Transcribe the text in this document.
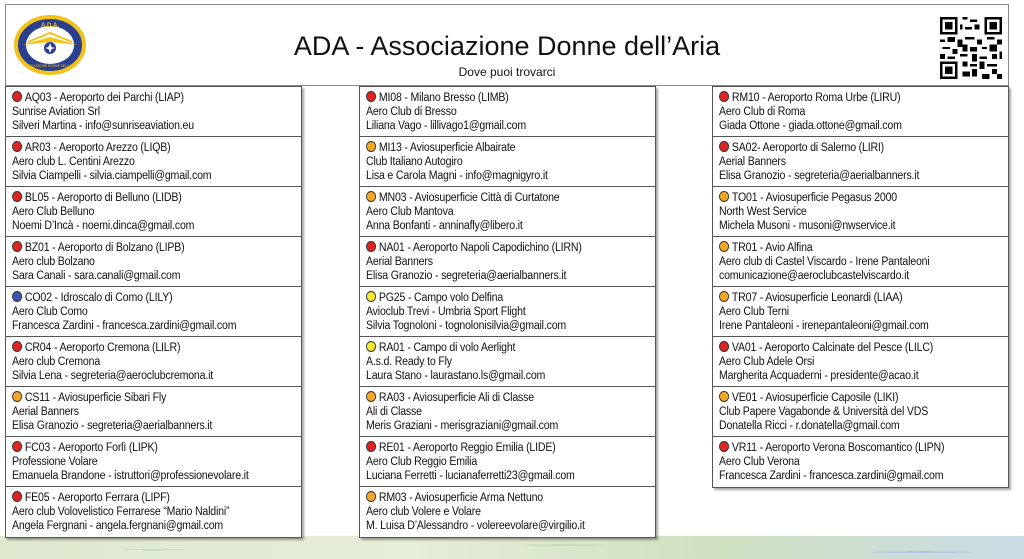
A.D.A.
ASSOCIAZIONE DONNE DELL'ARIA
ADA - Associazione Donne dell’Aria
Dove puoi trovarci
AQ03 - Aeroporto dei Parchi (LIAP)
Sunrise Aviation Srl
Silveri Martina - info@sunriseaviation.eu
AR03 - Aeroporto Arezzo (LIQB)
Aero club L. Centini Arezzo
Silvia Ciampelli - silvia.ciampelli@gmail.com
BL05 - Aeroporto di Belluno (LIDB)
Aero Club Belluno
Noemi D’Incà - noemi.dinca@gmail.com
BZ01 - Aeroporto di Bolzano (LIPB)
Aero club Bolzano
Sara Canali - sara.canali@gmail.com
CO02 - Idroscalo di Como (LILY)
Aero Club Como
Francesca Zardini - francesca.zardini@gmail.com
CR04 - Aeroporto Cremona (LILR)
Aero club Cremona
Silvia Lena - segreteria@aeroclubcremona.it
CS11 - Aviosuperficie Sibari Fly
Aerial Banners
Elisa Granozio - segreteria@aerialbanners.it
FC03 - Aeroporto Forlì (LIPK)
Professione Volare
Emanuela Brandone - istruttori@professionevolare.it
FE05 - Aeroporto Ferrara (LIPF)
Aero club Volovelistico Ferrarese “Mario Naldini”
Angela Fergnani - angela.fergnani@gmail.com
MI08 - Milano Bresso (LIMB)
Aero Club di Bresso
Liliana Vago - lillivago1@gmail.com
MI13 - Aviosuperficie Albairate
Club Italiano Autogiro
Lisa e Carola Magni - info@magnigyro.it
MN03 - Aviosuperficie Città di Curtatone
Aero Club Mantova
Anna Bonfanti - anninafly@libero.it
NA01 - Aeroporto Napoli Capodichino (LIRN)
Aerial Banners
Elisa Granozio - segreteria@aerialbanners.it
PG25 - Campo volo Delfina
Avioclub Trevi - Umbria Sport Flight
Silvia Tognoloni - tognolonisilvia@gmail.com
RA01 - Campo di volo Aerlight
A.s.d. Ready to Fly
Laura Stano - laurastano.ls@gmail.com
RA03 - Aviosuperficie Ali di Classe
Ali di Classe
Meris Graziani - merisgraziani@gmail.com
RE01 - Aeroporto Reggio Emilia (LIDE)
Aero Club Reggio Emilia
Luciana Ferretti - lucianaferretti23@gmail.com
RM03 - Aviosuperficie Arma Nettuno
Aero club Volere e Volare
M. Luisa D’Alessandro - volereevolare@virgilio.it
RM10 - Aeroporto Roma Urbe (LIRU)
Aero Club di Roma
Giada Ottone - giada.ottone@gmail.com
SA02- Aeroporto di Salerno (LIRI)
Aerial Banners
Elisa Granozio - segreteria@aerialbanners.it
TO01 - Aviosuperficie Pegasus 2000
North West Service
Michela Musoni - musoni@nwservice.it
TR01 - Avio Alfina
Aero club di Castel Viscardo - Irene Pantaleoni
comunicazione@aeroclubcastelviscardo.it
TR07 - Aviosuperficie Leonardi (LIAA)
Aero Club Terni
Irene Pantaleoni - irenepantaleoni@gmail.com
VA01 - Aeroporto Calcinate del Pesce (LILC)
Aero Club Adele Orsi
Margherita Acquaderni - presidente@acao.it
VE01 - Aviosuperficie Caposile (LIKI)
Club Papere Vagabonde & Università del VDS
Donatella Ricci - r.donatella@gmail.com
VR11 - Aeroporto Verona Boscomantico (LIPN)
Aero Club Verona
Francesca Zardini - francesca.zardini@gmail.com
